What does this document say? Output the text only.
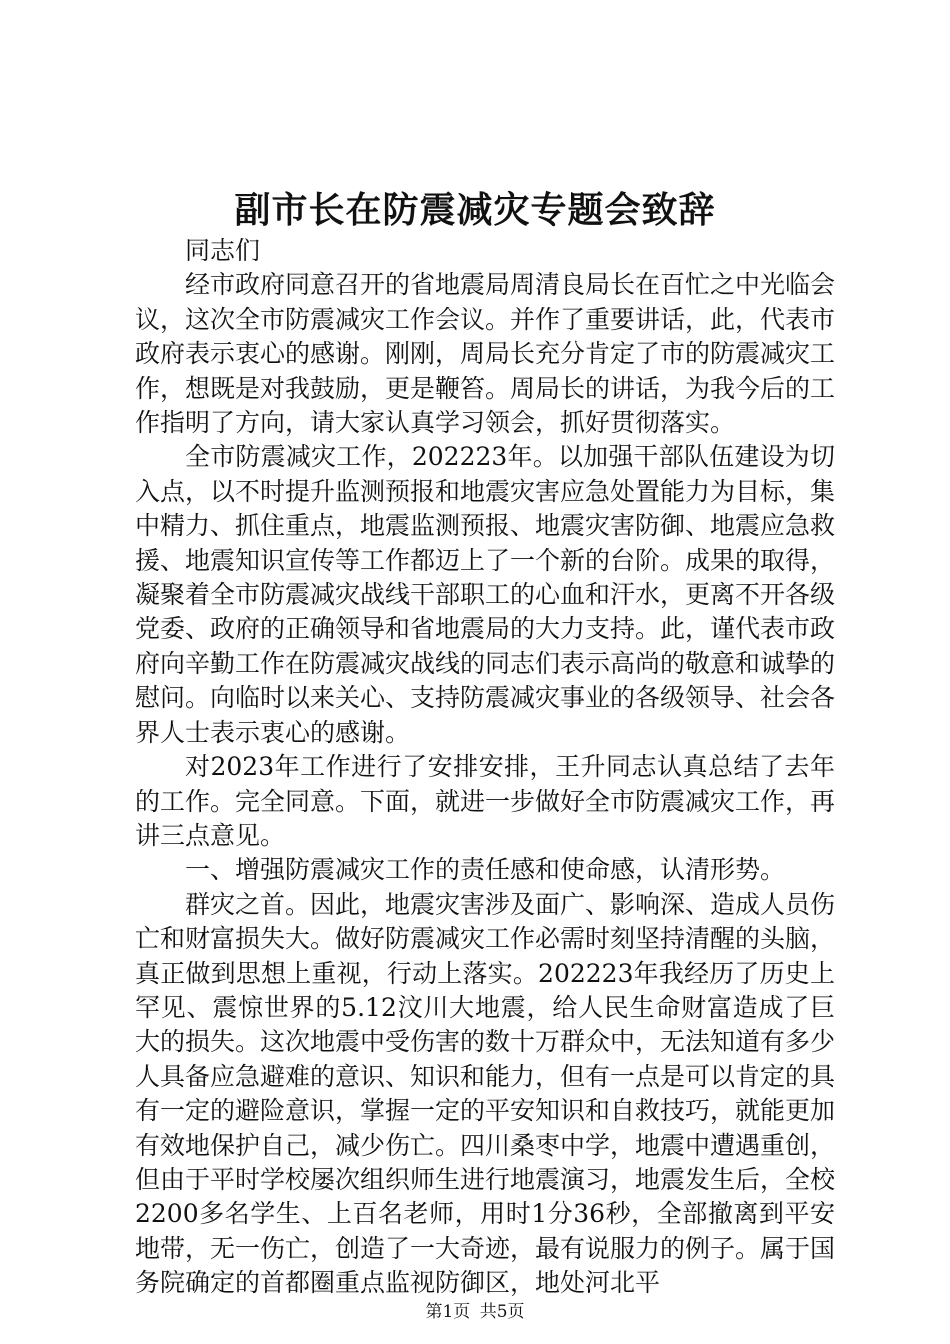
副市长在防震减灾专题会致辞

同志们

经市政府同意召开的省地震局周清良局长在百忙之中光临会议，这次全市防震减灾工作会议。并作了重要讲话，此，代表市政府表示衷心的感谢。刚刚，周局长充分肯定了市的防震减灾工作，想既是对我鼓励，更是鞭笞。周局长的讲话，为我今后的工作指明了方向，请大家认真学习领会，抓好贯彻落实。

全市防震减灾工作，202223年。以加强干部队伍建设为切入点，以不时提升监测预报和地震灾害应急处置能力为目标，集中精力、抓住重点，地震监测预报、地震灾害防御、地震应急救援、地震知识宣传等工作都迈上了一个新的台阶。成果的取得，凝聚着全市防震减灾战线干部职工的心血和汗水，更离不开各级党委、政府的正确领导和省地震局的大力支持。此，谨代表市政府向辛勤工作在防震减灾战线的同志们表示高尚的敬意和诚挚的慰问。向临时以来关心、支持防震减灾事业的各级领导、社会各界人士表示衷心的感谢。

对2023年工作进行了安排安排，王升同志认真总结了去年的工作。完全同意。下面，就进一步做好全市防震减灾工作，再讲三点意见。

一、增强防震减灾工作的责任感和使命感，认清形势。

群灾之首。因此，地震灾害涉及面广、影响深、造成人员伤亡和财富损失大。做好防震减灾工作必需时刻坚持清醒的头脑，真正做到思想上重视，行动上落实。202223年我经历了历史上罕见、震惊世界的5.12汶川大地震，给人民生命财富造成了巨大的损失。这次地震中受伤害的数十万群众中，无法知道有多少人具备应急避难的意识、知识和能力，但有一点是可以肯定的具有一定的避险意识，掌握一定的平安知识和自救技巧，就能更加有效地保护自己，减少伤亡。四川桑枣中学，地震中遭遇重创，但由于平时学校屡次组织师生进行地震演习，地震发生后，全校2200多名学生、上百名老师，用时1分36秒，全部撤离到平安地带，无一伤亡，创造了一大奇迹，最有说服力的例子。属于国务院确定的首都圈重点监视防御区，地处河北平

第1页 共5页
